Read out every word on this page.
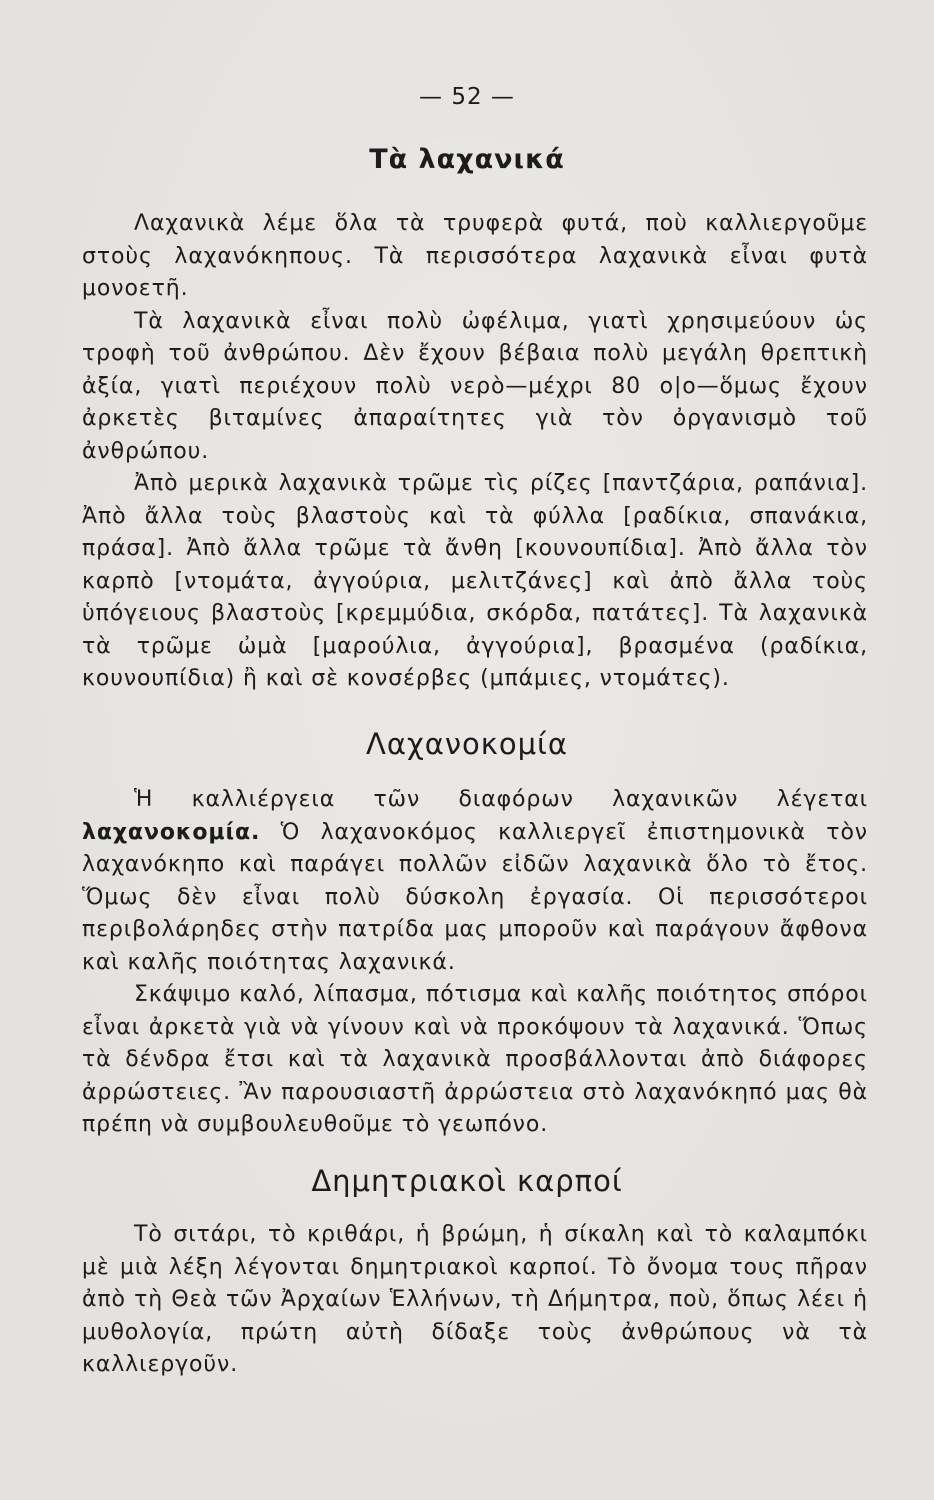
— 52 —
Τὰ λαχανικά

Λαχανικὰ λέμε ὅλα τὰ τρυφερὰ φυτά, ποὺ καλλιεργοῦμε στοὺς λαχανόκηπους. Τὰ περισσότερα λαχανικὰ εἶναι φυτὰ μονοετῆ.

Τὰ λαχανικὰ εἶναι πολὺ ὠφέλιμα, γιατὶ χρησιμεύουν ὡς τροφὴ τοῦ ἀνθρώπου. Δὲν ἔχουν βέβαια πολὺ μεγάλη θρεπτικὴ ἀξία, γιατὶ περιέχουν πολὺ νερὸ—μέχρι 80 ο|ο—ὅμως ἔχουν ἀρκετὲς βιταμίνες ἀπαραίτητες γιὰ τὸν ὀργανισμὸ τοῦ ἀνθρώπου.

Ἀπὸ μερικὰ λαχανικὰ τρῶμε τὶς ρίζες [παντζάρια, ραπάνια]. Ἀπὸ ἄλλα τοὺς βλαστοὺς καὶ τὰ φύλλα [ραδίκια, σπανάκια, πράσα]. Ἀπὸ ἄλλα τρῶμε τὰ ἄνθη [κουνουπίδια]. Ἀπὸ ἄλλα τὸν καρπὸ [ντομάτα, ἀγγούρια, μελιτζάνες] καὶ ἀπὸ ἄλλα τοὺς ὑπόγειους βλαστοὺς [κρεμμύδια, σκόρδα, πατάτες]. Τὰ λαχανικὰ τὰ τρῶμε ὠμὰ [μαρούλια, ἀγγούρια], βρασμένα (ραδίκια, κουνουπίδια) ἢ καὶ σὲ κονσέρβες (μπάμιες, ντομάτες).

Λαχανοκομία

Ἡ καλλιέργεια τῶν διαφόρων λαχανικῶν λέγεται λαχανοκομία. Ὁ λαχανοκόμος καλλιεργεῖ ἐπιστημονικὰ τὸν λαχανόκηπο καὶ παράγει πολλῶν εἰδῶν λαχανικὰ ὅλο τὸ ἔτος. Ὅμως δὲν εἶναι πολὺ δύσκολη ἐργασία. Οἱ περισσότεροι περιβολάρηδες στὴν πατρίδα μας μποροῦν καὶ παράγουν ἄφθονα καὶ καλῆς ποιότητας λαχανικά.

Σκάψιμο καλό, λίπασμα, πότισμα καὶ καλῆς ποιότητος σπόροι εἶναι ἀρκετὰ γιὰ νὰ γίνουν καὶ νὰ προκόψουν τὰ λαχανικά. Ὅπως τὰ δένδρα ἔτσι καὶ τὰ λαχανικὰ προσβάλλονται ἀπὸ διάφορες ἀρρώστειες. Ἂν παρουσιαστῆ ἀρρώστεια στὸ λαχανόκηπό μας θὰ πρέπη νὰ συμβουλευθοῦμε τὸ γεωπόνο.

Δημητριακοὶ καρποί

Τὸ σιτάρι, τὸ κριθάρι, ἡ βρώμη, ἡ σίκαλη καὶ τὸ καλαμπόκι μὲ μιὰ λέξη λέγονται δημητριακοὶ καρποί. Τὸ ὄνομα τους πῆραν ἀπὸ τὴ Θεὰ τῶν Ἀρχαίων Ἑλλήνων, τὴ Δήμητρα, ποὺ, ὅπως λέει ἡ μυθολογία, πρώτη αὐτὴ δίδαξε τοὺς ἀνθρώπους νὰ τὰ καλλιεργοῦν.
